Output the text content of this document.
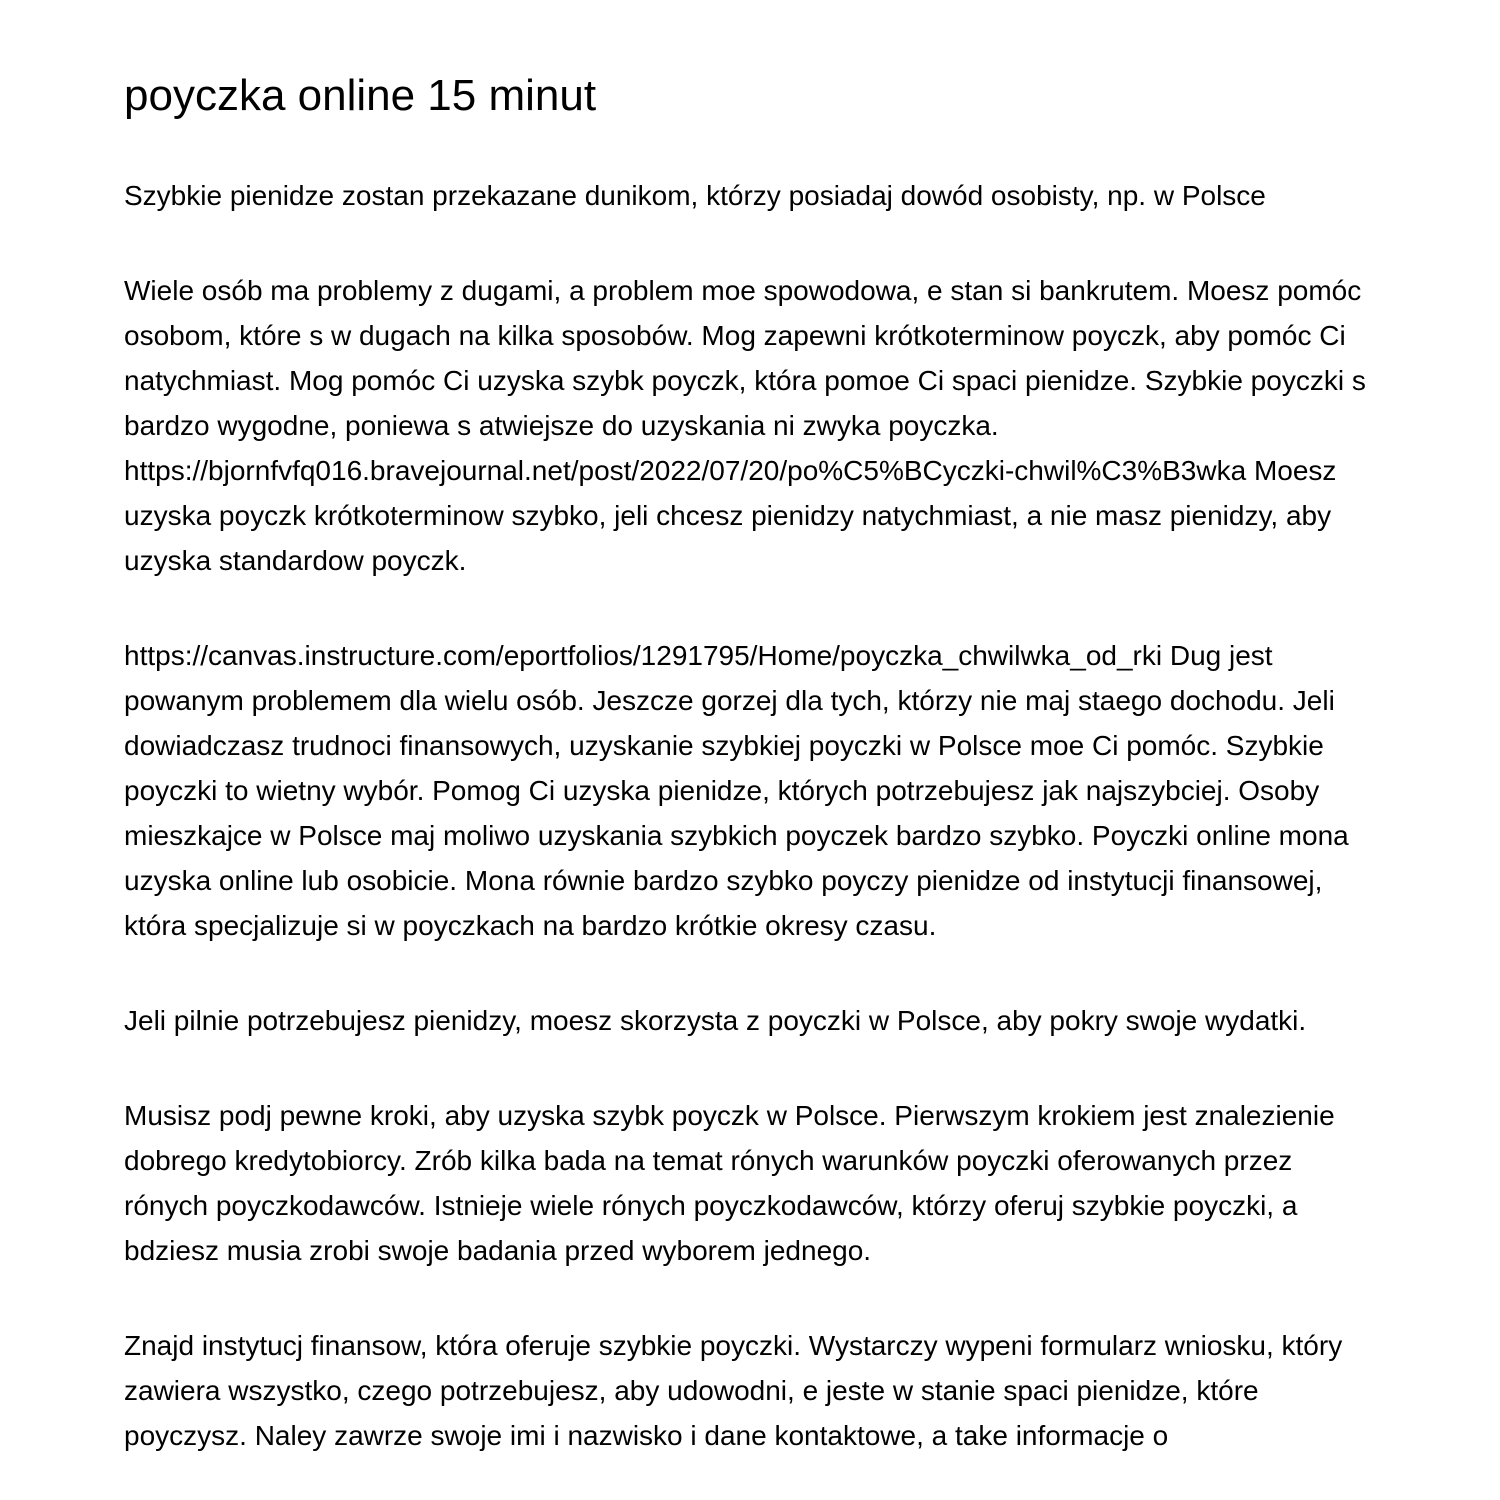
poyczka online 15 minut

Szybkie pienidze zostan przekazane dunikom, którzy posiadaj dowód osobisty, np. w Polsce

Wiele osób ma problemy z dugami, a problem moe spowodowa, e stan si bankrutem. Moesz pomóc osobom, które s w dugach na kilka sposobów. Mog zapewni krótkoterminow poyczk, aby pomóc Ci natychmiast. Mog pomóc Ci uzyska szybk poyczk, która pomoe Ci spaci pienidze. Szybkie poyczki s bardzo wygodne, poniewa s atwiejsze do uzyskania ni zwyka poyczka. https://bjornfvfq016.bravejournal.net/post/2022/07/20/po%C5%BCyczki-chwil%C3%B3wka Moesz uzyska poyczk krótkoterminow szybko, jeli chcesz pienidzy natychmiast, a nie masz pienidzy, aby uzyska standardow poyczk.

https://canvas.instructure.com/eportfolios/1291795/Home/poyczka_chwilwka_od_rki Dug jest powanym problemem dla wielu osób. Jeszcze gorzej dla tych, którzy nie maj staego dochodu. Jeli dowiadczasz trudnoci finansowych, uzyskanie szybkiej poyczki w Polsce moe Ci pomóc. Szybkie poyczki to wietny wybór. Pomog Ci uzyska pienidze, których potrzebujesz jak najszybciej. Osoby mieszkajce w Polsce maj moliwo uzyskania szybkich poyczek bardzo szybko. Poyczki online mona uzyska online lub osobicie. Mona równie bardzo szybko poyczy pienidze od instytucji finansowej, która specjalizuje si w poyczkach na bardzo krótkie okresy czasu.

Jeli pilnie potrzebujesz pienidzy, moesz skorzysta z poyczki w Polsce, aby pokry swoje wydatki.

Musisz podj pewne kroki, aby uzyska szybk poyczk w Polsce. Pierwszym krokiem jest znalezienie dobrego kredytobiorcy. Zrób kilka bada na temat rónych warunków poyczki oferowanych przez rónych poyczkodawców. Istnieje wiele rónych poyczkodawców, którzy oferuj szybkie poyczki, a bdziesz musia zrobi swoje badania przed wyborem jednego.

Znajd instytucj finansow, która oferuje szybkie poyczki. Wystarczy wypeni formularz wniosku, który zawiera wszystko, czego potrzebujesz, aby udowodni, e jeste w stanie spaci pienidze, które poyczysz. Naley zawrze swoje imi i nazwisko i dane kontaktowe, a take informacje o
